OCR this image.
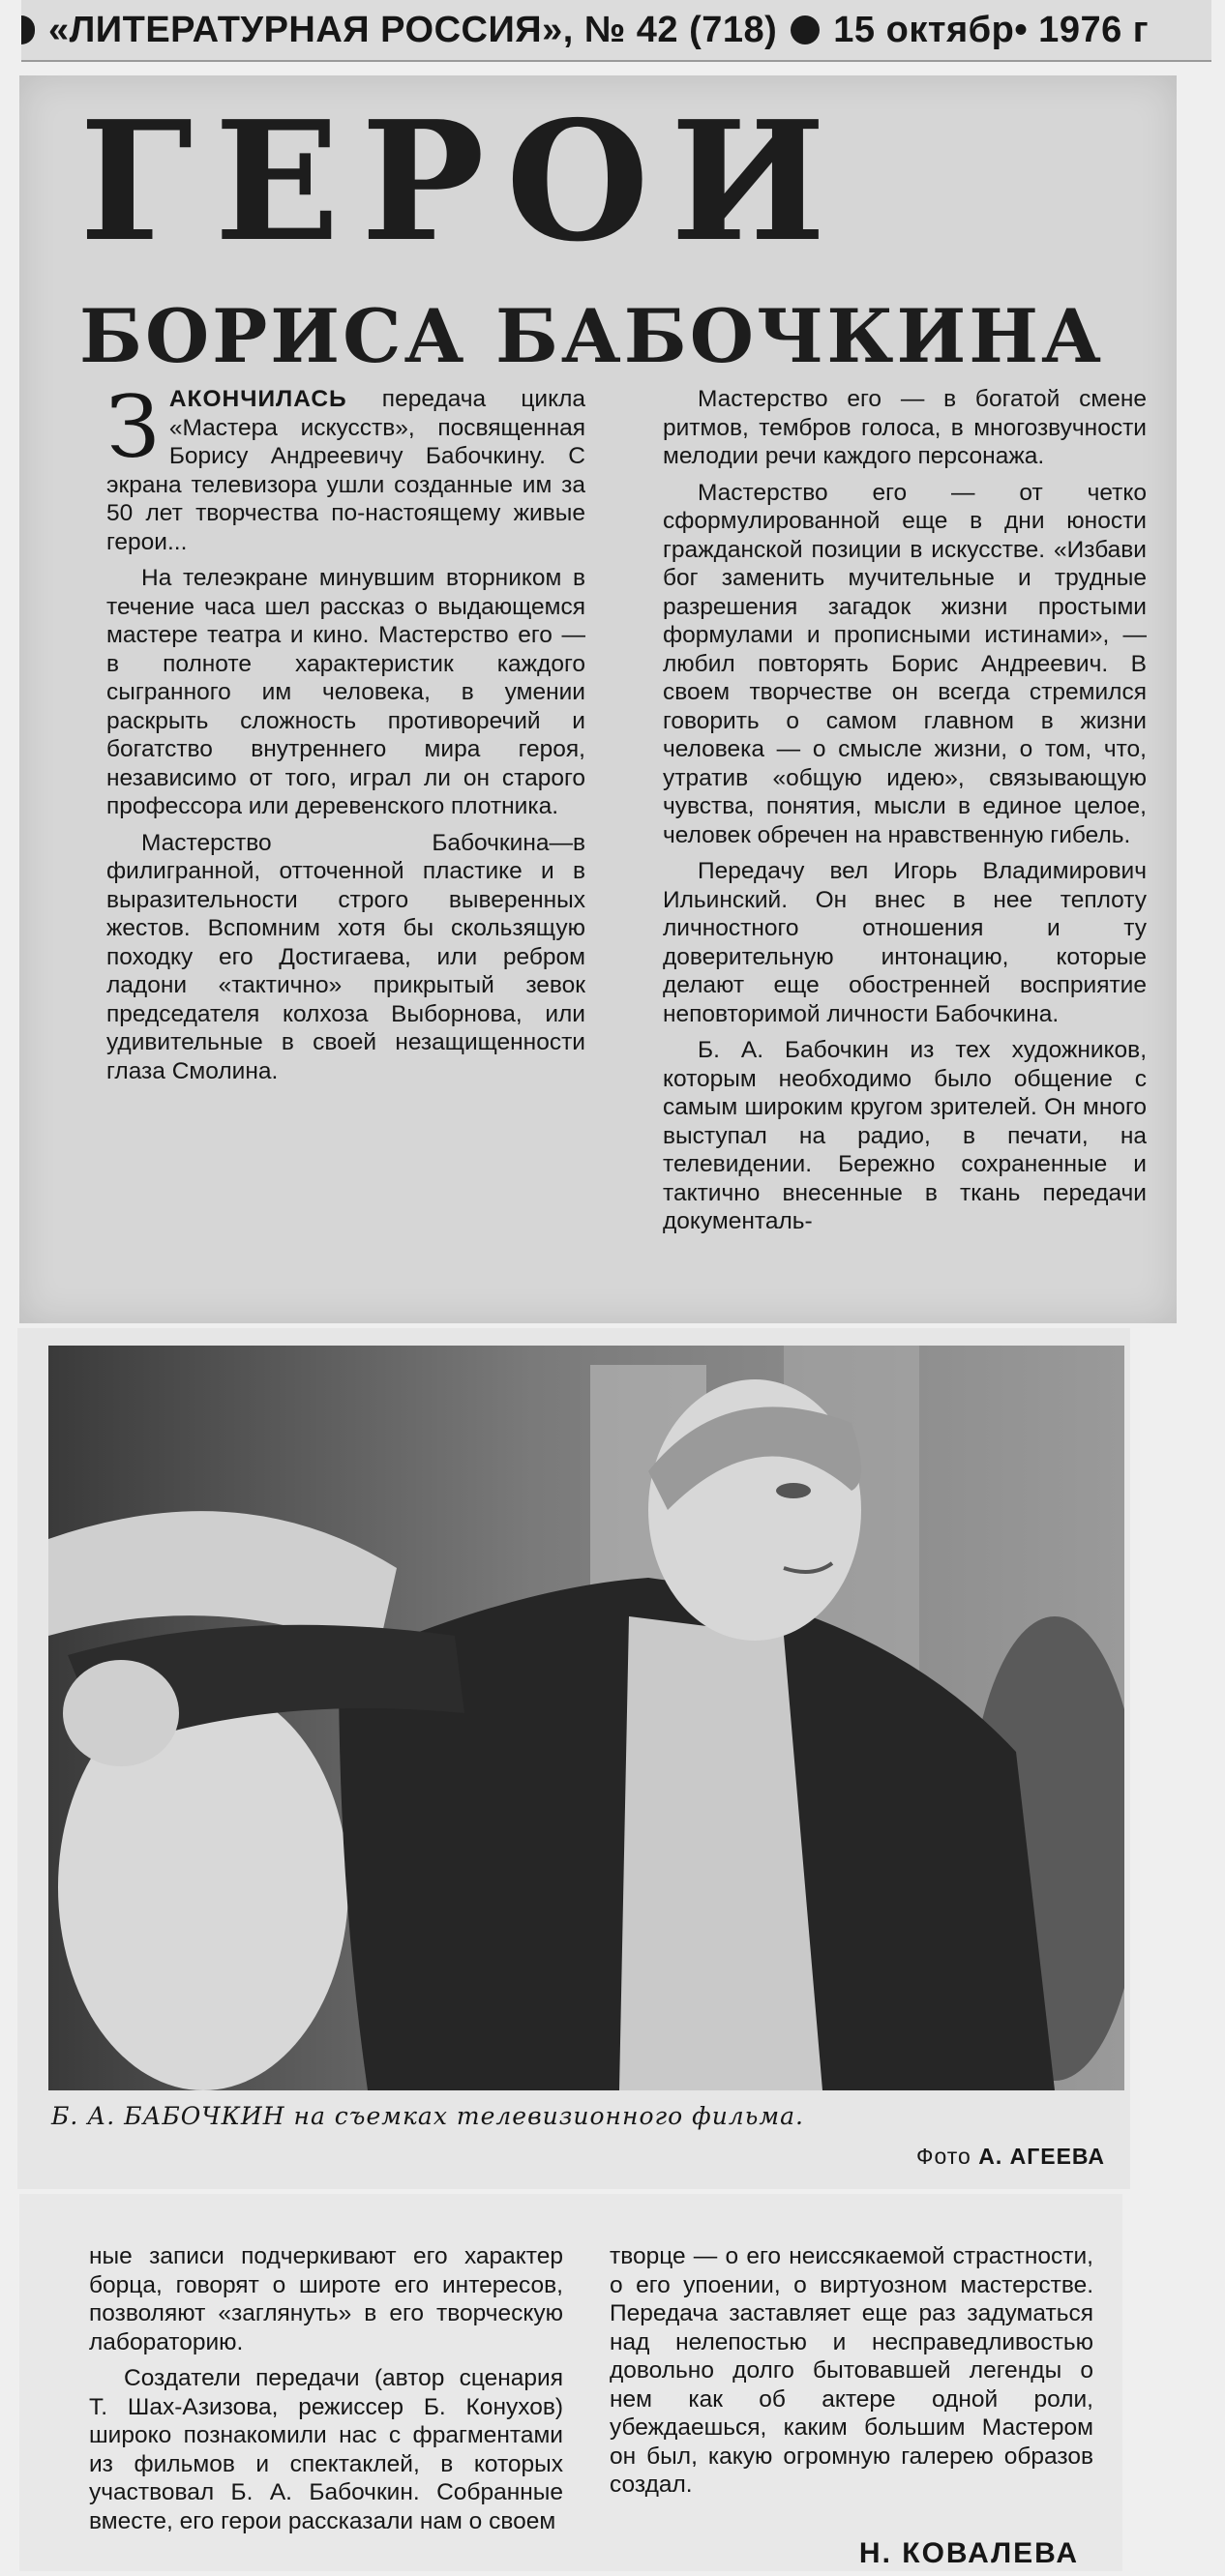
«ЛИТЕРАТУРНАЯ РОССИЯ», № 42 (718) 15 октябр• 1976 г
ГЕРОИ
БОРИСА БАБОЧКИНА

ЗАКОНЧИЛАСЬ передача цикла «Мастера искусств», посвященная Борису Андреевичу Бабочкину. С экрана телевизора ушли созданные им за 50 лет творчества по-настоящему живые герои...

На телеэкране минувшим вторником в течение часа шел рассказ о выдающемся мастере театра и кино. Мастерство его — в полноте характеристик каждого сыгранного им человека, в умении раскрыть сложность противоречий и богатство внутреннего мира героя, независимо от того, играл ли он старого профессора или деревенского плотника.

Мастерство Бабочкина—в филигранной, отточенной пластике и в выразительности строго выверенных жестов. Вспомним хотя бы скользящую походку его Достигаева, или ребром ладони «тактично» прикрытый зевок председателя колхоза Выборнова, или удивительные в своей незащищенности глаза Смолина.

Мастерство его — в богатой смене ритмов, тембров голоса, в многозвучности мелодии речи каждого персонажа.

Мастерство его — от четко сформулированной еще в дни юности гражданской позиции в искусстве. «Избави бог заменить мучительные и трудные разрешения загадок жизни простыми формулами и прописными истинами», — любил повторять Борис Андреевич. В своем творчестве он всегда стремился говорить о самом главном в жизни человека — о смысле жизни, о том, что, утратив «общую идею», связывающую чувства, понятия, мысли в единое целое, человек обречен на нравственную гибель.

Передачу вел Игорь Владимирович Ильинский. Он внес в нее теплоту личностного отношения и ту доверительную интонацию, которые делают еще обостренней восприятие неповторимой личности Бабочкина.

Б. А. Бабочкин из тех художников, которым необходимо было общение с самым широким кругом зрителей. Он много выступал на радио, в печати, на телевидении. Бережно сохраненные и тактично внесенные в ткань передачи документаль-

Б. А. БАБОЧКИН на съемках телевизионного фильма.
Фото А. АГЕЕВА

ные записи подчеркивают его характер борца, говорят о широте его интересов, позволяют «заглянуть» в его творческую лабораторию.

Создатели передачи (автор сценария Т. Шах-Азизова, режиссер Б. Конухов) широко познакомили нас с фрагментами из фильмов и спектаклей, в которых участвовал Б. А. Бабочкин. Собранные вместе, его герои рассказали нам о своем

творце — о его неиссякаемой страстности, о его упоении, о виртуозном мастерстве. Передача заставляет еще раз задуматься над нелепостью и несправедливостью довольно долго бытовавшей легенды о нем как об актере одной роли, убеждаешься, каким большим Мастером он был, какую огромную галерею образов создал.

Н. КОВАЛЕВА
